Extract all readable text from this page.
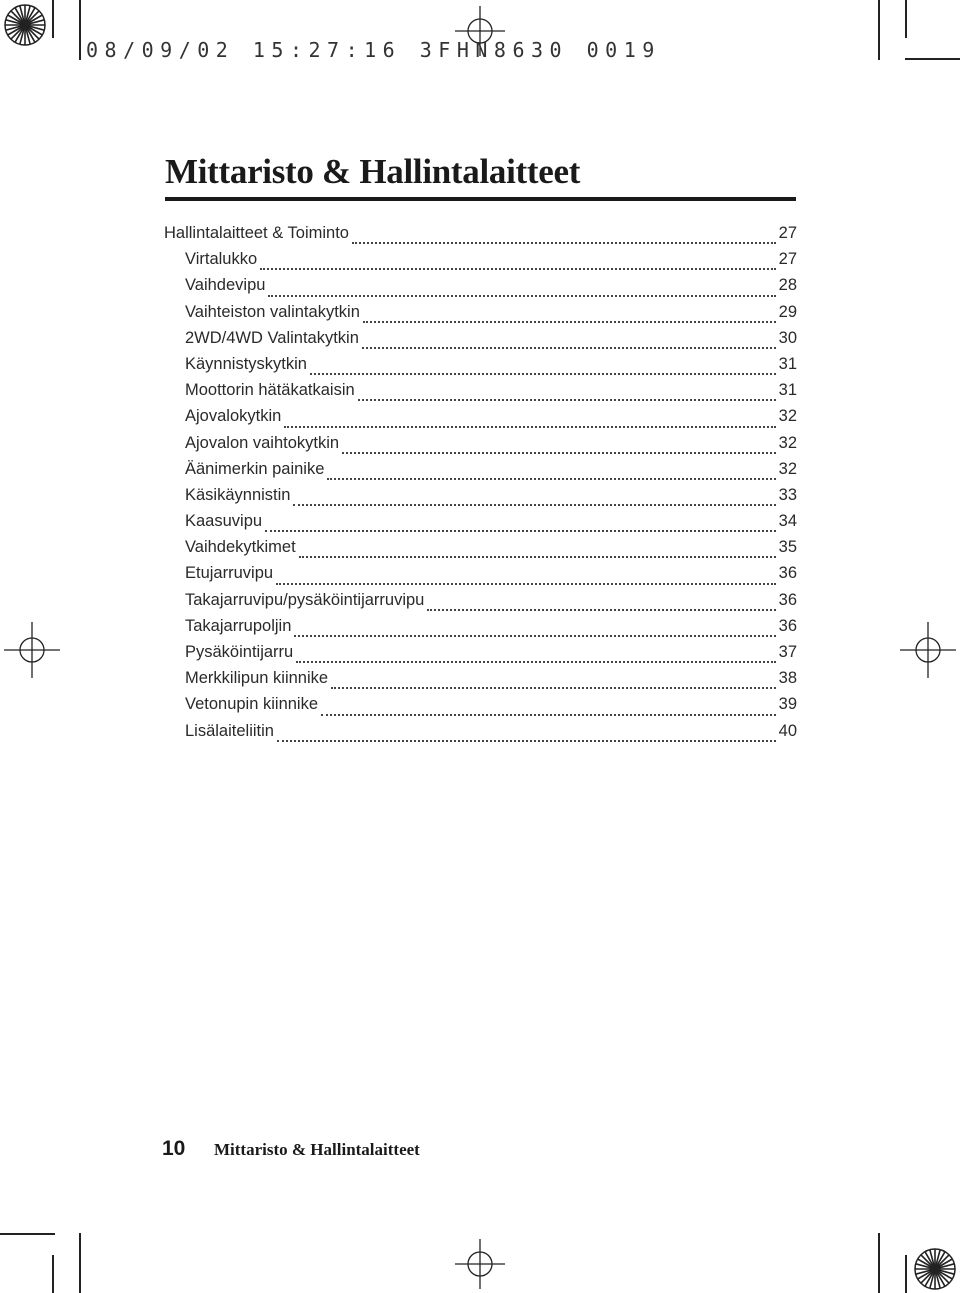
08/09/02 15:27:16 3FHN8630 0019
Mittaristo & Hallintalaitteet
Hallintalaitteet & Toiminto	27
Virtalukko	27
Vaihdevipu	28
Vaihteiston valintakytkin	29
2WD/4WD Valintakytkin	30
Käynnistyskytkin	31
Moottorin hätäkatkaisin	31
Ajovalokytkin	32
Ajovalon vaihtokytkin	32
Äänimerkin painike	32
Käsikäynnistin	33
Kaasuvipu	34
Vaihdekytkimet	35
Etujarruvipu	36
Takajarruvipu/pysäköintijarruvipu	36
Takajarrupoljin	36
Pysäköintijarru	37
Merkkilipun kiinnike	38
Vetonupin kiinnike	39
Lisälaiteliitin	40
10 Mittaristo & Hallintalaitteet
